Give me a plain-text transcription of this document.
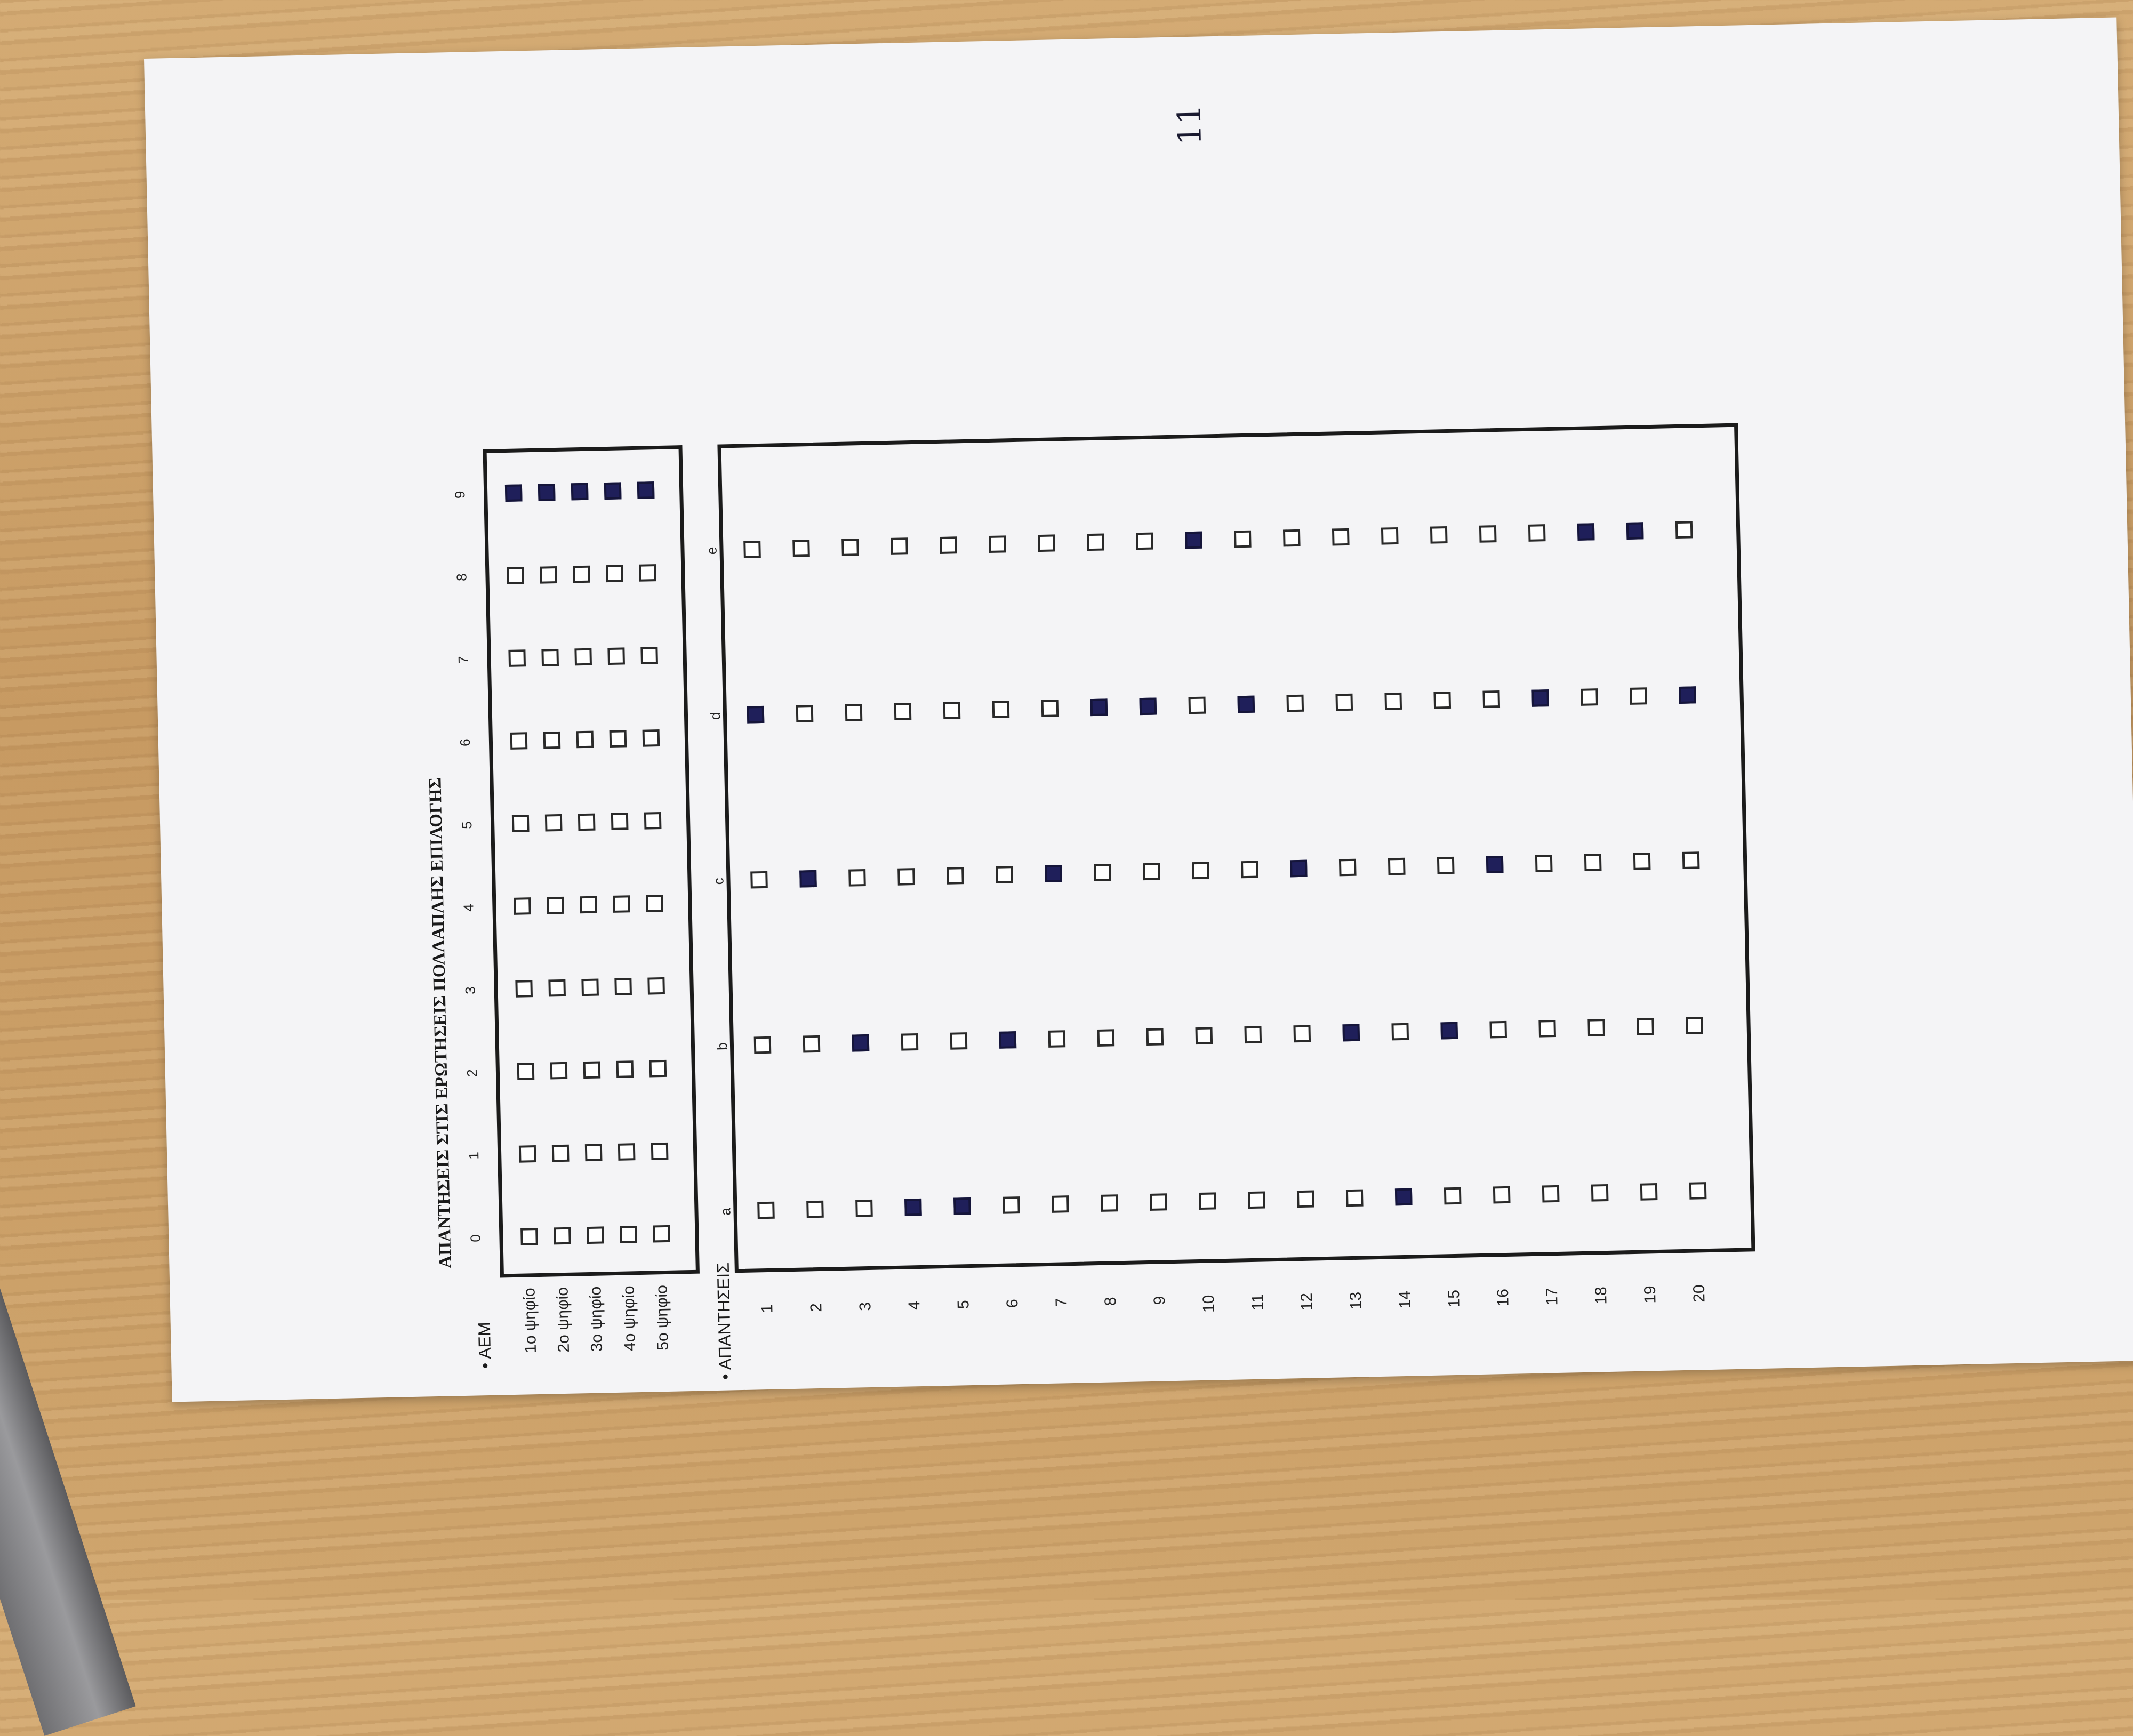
11
ΑΠΑΝΤΗΣΕΙΣ ΣΤΙΣ ΕΡΩΤΗΣΕΙΣ ΠΟΛΛΑΠΛΗΣ ΕΠΙΛΟΓΗΣ
• ΑΕΜ
0
1
2
3
4
5
6
7
8
9
1ο ψηφίο 2ο ψηφίο 3ο ψηφίο 4ο ψηφίο 5ο ψηφίο • ΑΠΑΝΤΗΣΕΙΣ
a
b
c
d
e
1 2 3 4 5 6 7 8 9 10 11 12 13 14 15 16 17 18 19 20
